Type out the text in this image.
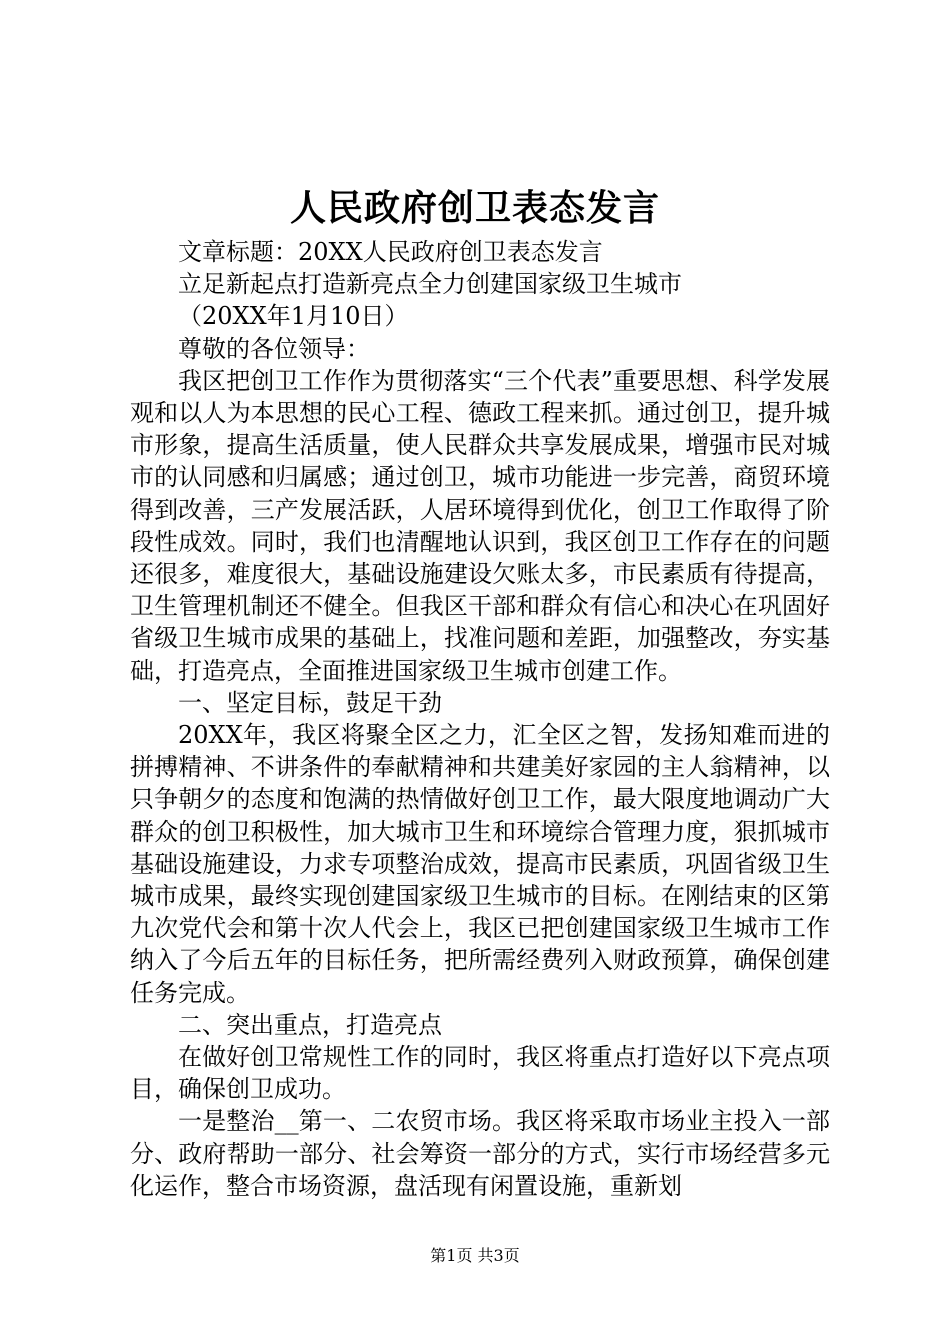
人民政府创卫表态发言

文章标题：20XX人民政府创卫表态发言

立足新起点打造新亮点全力创建国家级卫生城市

（20XX年1月10日）

尊敬的各位领导：

我区把创卫工作作为贯彻落实“三个代表”重要思想、科学发展观和以人为本思想的民心工程、德政工程来抓。通过创卫，提升城市形象，提高生活质量，使人民群众共享发展成果，增强市民对城市的认同感和归属感；通过创卫，城市功能进一步完善，商贸环境得到改善，三产发展活跃，人居环境得到优化，创卫工作取得了阶段性成效。同时，我们也清醒地认识到，我区创卫工作存在的问题还很多，难度很大，基础设施建设欠账太多，市民素质有待提高，卫生管理机制还不健全。但我区干部和群众有信心和决心在巩固好省级卫生城市成果的基础上，找准问题和差距，加强整改，夯实基础，打造亮点，全面推进国家级卫生城市创建工作。

一、坚定目标，鼓足干劲

20XX年，我区将聚全区之力，汇全区之智，发扬知难而进的拼搏精神、不讲条件的奉献精神和共建美好家园的主人翁精神，以只争朝夕的态度和饱满的热情做好创卫工作，最大限度地调动广大群众的创卫积极性，加大城市卫生和环境综合管理力度，狠抓城市基础设施建设，力求专项整治成效，提高市民素质，巩固省级卫生城市成果，最终实现创建国家级卫生城市的目标。在刚结束的区第九次党代会和第十次人代会上，我区已把创建国家级卫生城市工作纳入了今后五年的目标任务，把所需经费列入财政预算，确保创建任务完成。

二、突出重点，打造亮点

在做好创卫常规性工作的同时，我区将重点打造好以下亮点项目，确保创卫成功。

一是整治__第一、二农贸市场。我区将采取市场业主投入一部分、政府帮助一部分、社会筹资一部分的方式，实行市场经营多元化运作，整合市场资源，盘活现有闲置设施，重新划

第1页 共3页
